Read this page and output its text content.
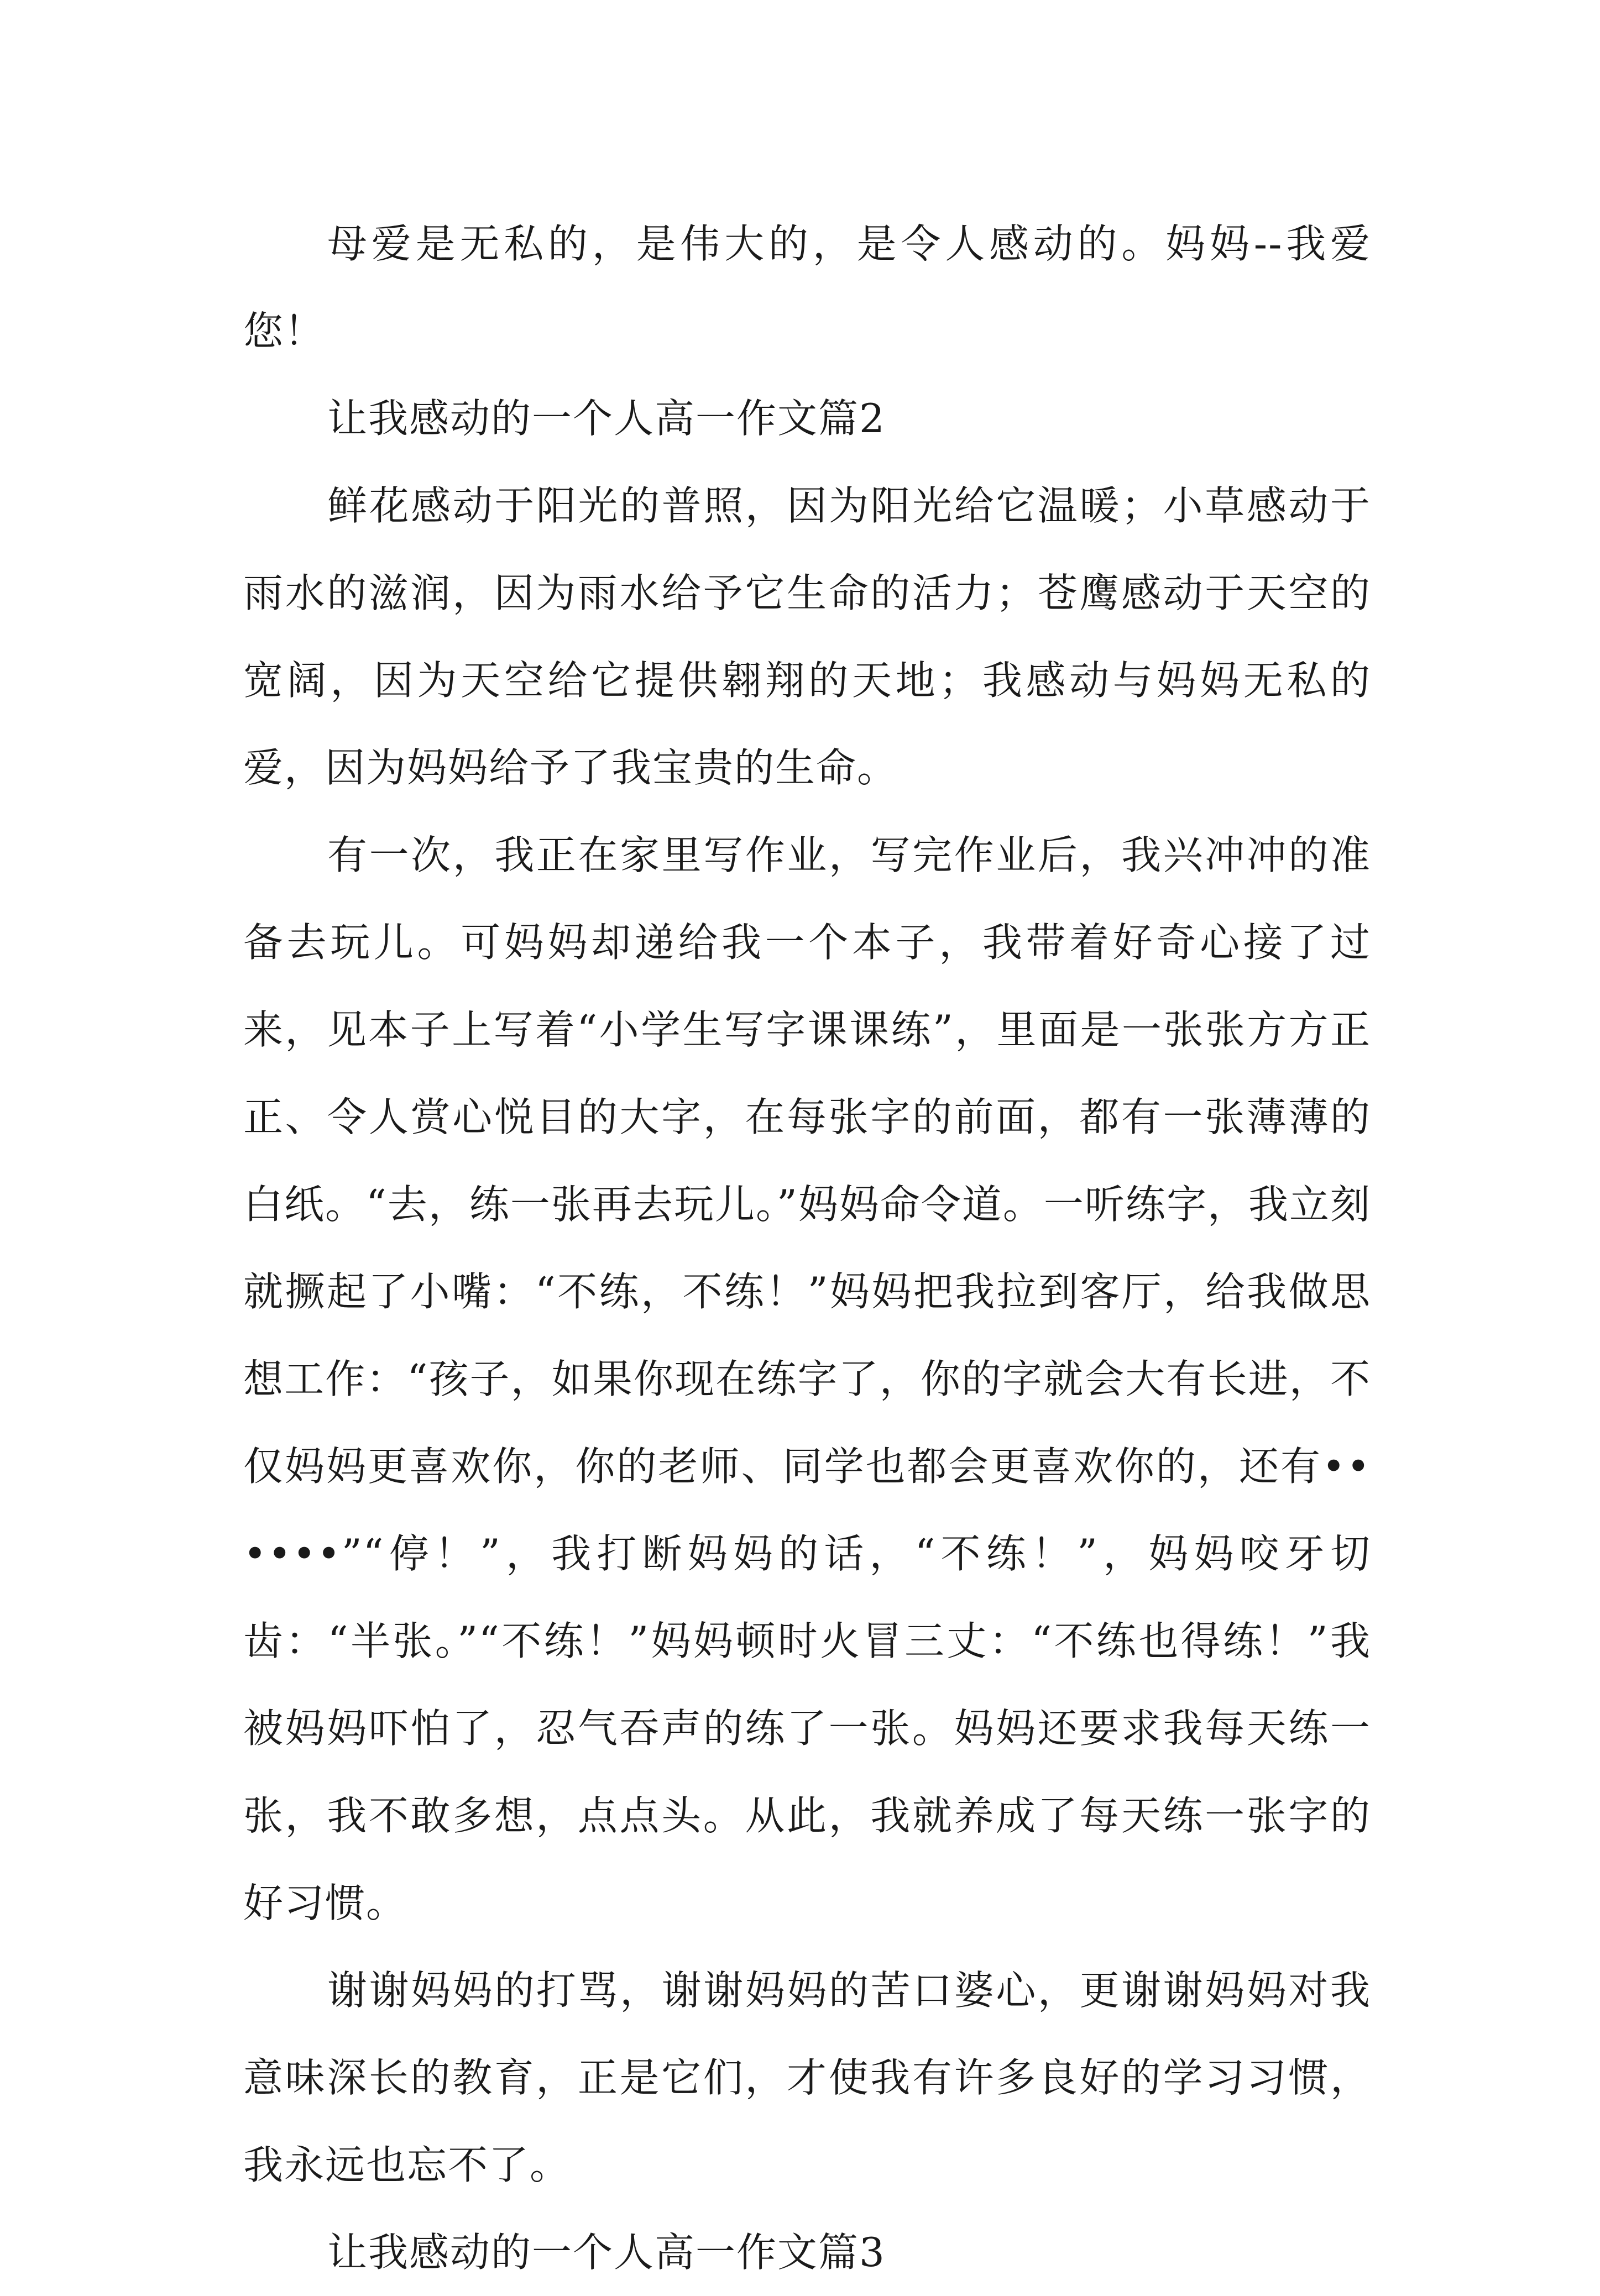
母爱是无私的，是伟大的，是令人感动的。妈妈--我爱您！

让我感动的一个人高一作文篇2

鲜花感动于阳光的普照，因为阳光给它温暖；小草感动于雨水的滋润，因为雨水给予它生命的活力；苍鹰感动于天空的宽阔，因为天空给它提供翱翔的天地；我感动与妈妈无私的爱，因为妈妈给予了我宝贵的生命。

有一次，我正在家里写作业，写完作业后，我兴冲冲的准备去玩儿。可妈妈却递给我一个本子，我带着好奇心接了过来，见本子上写着“小学生写字课课练”，里面是一张张方方正正、令人赏心悦目的大字，在每张字的前面，都有一张薄薄的白纸。“去，练一张再去玩儿。”妈妈命令道。一听练字，我立刻就撅起了小嘴：“不练，不练！”妈妈把我拉到客厅，给我做思想工作：“孩子，如果你现在练字了，你的字就会大有长进，不仅妈妈更喜欢你，你的老师、同学也都会更喜欢你的，还有••••••”“停！”，我打断妈妈的话，“不练！”，妈妈咬牙切齿：“半张。”“不练！”妈妈顿时火冒三丈：“不练也得练！”我被妈妈吓怕了，忍气吞声的练了一张。妈妈还要求我每天练一张，我不敢多想，点点头。从此，我就养成了每天练一张字的好习惯。

谢谢妈妈的打骂，谢谢妈妈的苦口婆心，更谢谢妈妈对我意味深长的教育，正是它们，才使我有许多良好的学习习惯，我永远也忘不了。

让我感动的一个人高一作文篇3
